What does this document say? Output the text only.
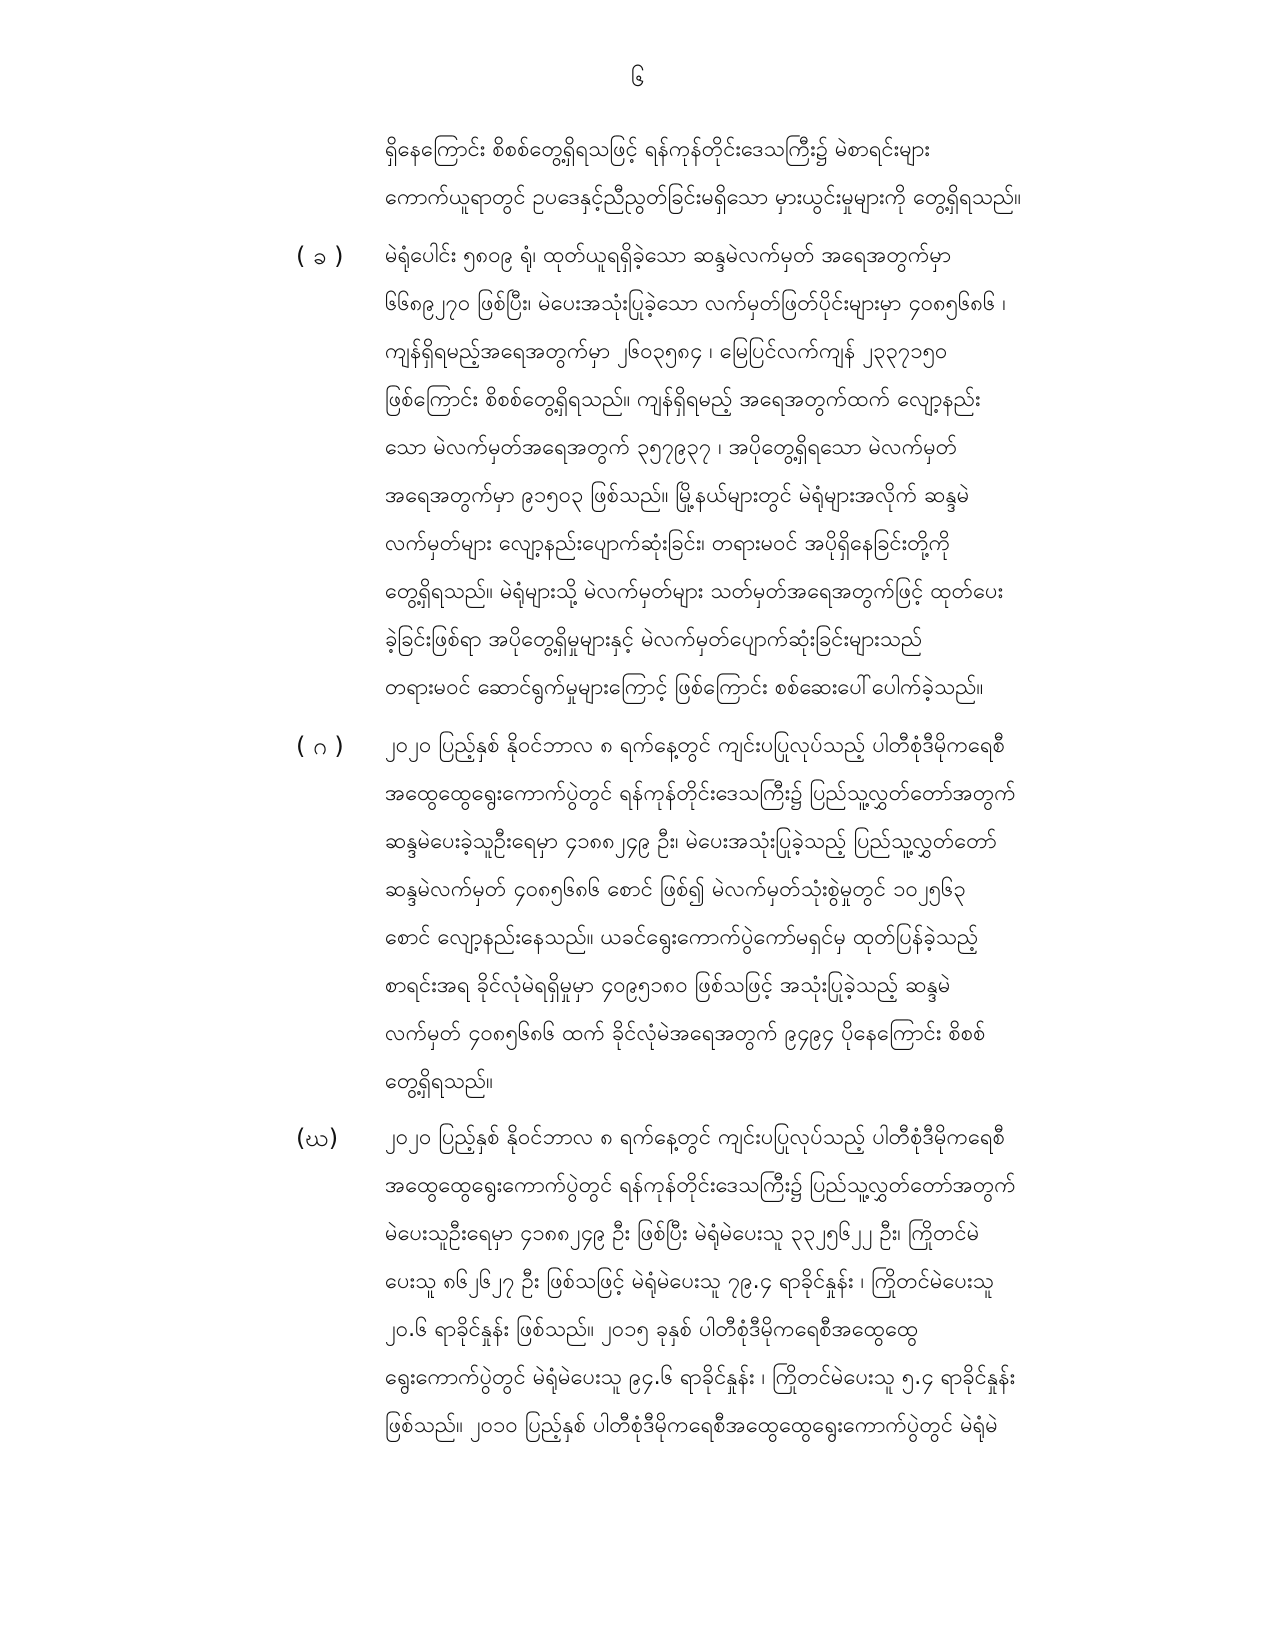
၆
ရှိနေကြောင်း စိစစ်တွေ့ရှိရသဖြင့် ရန်ကုန်တိုင်းဒေသကြီး၌ မဲစာရင်းများ
ကောက်ယူရာတွင် ဥပဒေနှင့်ညီညွတ်ခြင်းမရှိသော မှားယွင်းမှုများကို တွေ့ရှိရသည်။
( ခ ) မဲရုံပေါင်း ၅၈၀၉ ရုံ၊ ထုတ်ယူရရှိခဲ့သော ဆန္ဒမဲလက်မှတ် အရေအတွက်မှာ
၆၆၈၉၂၇၀ ဖြစ်ပြီး၊ မဲပေးအသုံးပြုခဲ့သော လက်မှတ်ဖြတ်ပိုင်းများမှာ ၄၀၈၅၆၈၆ ၊
ကျန်ရှိရမည့်အရေအတွက်မှာ ၂၆၀၃၅၈၄ ၊ မြေပြင်လက်ကျန် ၂၃၃၇၁၅၀
ဖြစ်ကြောင်း စိစစ်တွေ့ရှိရသည်။ ကျန်ရှိရမည့် အရေအတွက်ထက် လျော့နည်း
သော မဲလက်မှတ်အရေအတွက် ၃၅၇၉၃၇ ၊ အပိုတွေ့ရှိရသော မဲလက်မှတ်
အရေအတွက်မှာ ၉၁၅၀၃ ဖြစ်သည်။ မြို့နယ်များတွင် မဲရုံများအလိုက် ဆန္ဒမဲ
လက်မှတ်များ လျော့နည်းပျောက်ဆုံးခြင်း၊ တရားမဝင် အပိုရှိနေခြင်းတို့ကို
တွေ့ရှိရသည်။ မဲရုံများသို့ မဲလက်မှတ်များ သတ်မှတ်အရေအတွက်ဖြင့် ထုတ်ပေး
ခဲ့ခြင်းဖြစ်ရာ အပိုတွေ့ရှိမှုများနှင့် မဲလက်မှတ်ပျောက်ဆုံးခြင်းများသည်
တရားမဝင် ဆောင်ရွက်မှုများကြောင့် ဖြစ်ကြောင်း စစ်ဆေးပေါ်ပေါက်ခဲ့သည်။
( ဂ ) ၂၀၂၀ ပြည့်နှစ် နိုဝင်ဘာလ ၈ ရက်နေ့တွင် ကျင်းပပြုလုပ်သည့် ပါတီစုံဒီမိုကရေစီ
အထွေထွေရွေးကောက်ပွဲတွင် ရန်ကုန်တိုင်းဒေသကြီး၌ ပြည်သူ့လွှတ်တော်အတွက်
ဆန္ဒမဲပေးခဲ့သူဦးရေမှာ ၄၁၈၈၂၄၉ ဦး၊ မဲပေးအသုံးပြုခဲ့သည့် ပြည်သူ့လွှတ်တော်
ဆန္ဒမဲလက်မှတ် ၄၀၈၅၆၈၆ စောင် ဖြစ်၍ မဲလက်မှတ်သုံးစွဲမှုတွင် ၁၀၂၅၆၃
စောင် လျော့နည်းနေသည်။ ယခင်ရွေးကောက်ပွဲကော်မရှင်မှ ထုတ်ပြန်ခဲ့သည့်
စာရင်းအရ ခိုင်လုံမဲရရှိမှုမှာ ၄၀၉၅၁၈၀ ဖြစ်သဖြင့် အသုံးပြုခဲ့သည့် ဆန္ဒမဲ
လက်မှတ် ၄၀၈၅၆၈၆ ထက် ခိုင်လုံမဲအရေအတွက် ၉၄၉၄ ပိုနေကြောင်း စိစစ်
တွေ့ရှိရသည်။
(ဃ) ၂၀၂၀ ပြည့်နှစ် နိုဝင်ဘာလ ၈ ရက်နေ့တွင် ကျင်းပပြုလုပ်သည့် ပါတီစုံဒီမိုကရေစီ
အထွေထွေရွေးကောက်ပွဲတွင် ရန်ကုန်တိုင်းဒေသကြီး၌ ပြည်သူ့လွှတ်တော်အတွက်
မဲပေးသူဦးရေမှာ ၄၁၈၈၂၄၉ ဦး ဖြစ်ပြီး မဲရုံမဲပေးသူ ၃၃၂၅၆၂၂ ဦး၊ ကြိုတင်မဲ
ပေးသူ ၈၆၂၆၂၇ ဦး ဖြစ်သဖြင့် မဲရုံမဲပေးသူ ၇၉.၄ ရာခိုင်နှုန်း ၊ ကြိုတင်မဲပေးသူ
၂၀.၆ ရာခိုင်နှုန်း ဖြစ်သည်။ ၂၀၁၅ ခုနှစ် ပါတီစုံဒီမိုကရေစီအထွေထွေ
ရွေးကောက်ပွဲတွင် မဲရုံမဲပေးသူ ၉၄.၆ ရာခိုင်နှုန်း ၊ ကြိုတင်မဲပေးသူ ၅.၄ ရာခိုင်နှုန်း
ဖြစ်သည်။ ၂၀၁၀ ပြည့်နှစ် ပါတီစုံဒီမိုကရေစီအထွေထွေရွေးကောက်ပွဲတွင် မဲရုံမဲ
